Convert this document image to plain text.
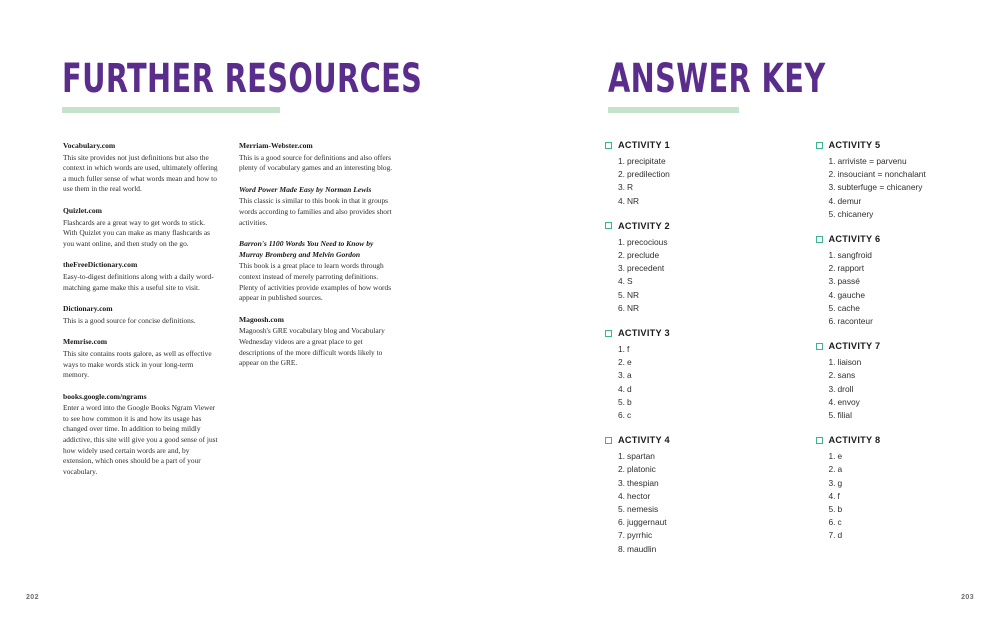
FURTHER RESOURCES

Vocabulary.com

This site provides not just definitions but also the context in which words are used, ultimately offering a much fuller sense of what words mean and how to use them in the real world.

Quizlet.com

Flashcards are a great way to get words to stick. With Quizlet you can make as many flashcards as you want online, and then study on the go.

theFreeDictionary.com

Easy-to-digest definitions along with a daily word-matching game make this a useful site to visit.

Dictionary.com

This is a good source for concise definitions.

Memrise.com

This site contains roots galore, as well as effective ways to make words stick in your long-term memory.

books.google.com/ngrams

Enter a word into the Google Books Ngram Viewer to see how common it is and how its usage has changed over time. In addition to being mildly addictive, this site will give you a good sense of just how widely used certain words are and, by extension, which ones should be a part of your vocabulary.

Merriam-Webster.com

This is a good source for definitions and also offers plenty of vocabulary games and an interesting blog.

Word Power Made Easy by Norman Lewis

This classic is similar to this book in that it groups words according to families and also provides short activities.

Barron's 1100 Words You Need to Know by Murray Bromberg and Melvin Gordon

This book is a great place to learn words through context instead of merely parroting definitions. Plenty of activities provide examples of how words appear in published sources.

Magoosh.com

Magoosh's GRE vocabulary blog and Vocabulary Wednesday videos are a great place to get descriptions of the more difficult words likely to appear on the GRE.

202
ANSWER KEY
ACTIVITY 1
precipitate
predilection
R
NR
ACTIVITY 2
precocious
preclude
precedent
S
NR
NR
ACTIVITY 3
f
e
a
d
b
c
ACTIVITY 4
spartan
platonic
thespian
hector
nemesis
juggernaut
pyrrhic
maudlin
ACTIVITY 5
arriviste = parvenu
insouciant = nonchalant
subterfuge = chicanery
demur
chicanery
ACTIVITY 6
sangfroid
rapport
passé
gauche
cache
raconteur
ACTIVITY 7
liaison
sans
droll
envoy
filial
ACTIVITY 8
e
a
g
f
b
c
d
203
